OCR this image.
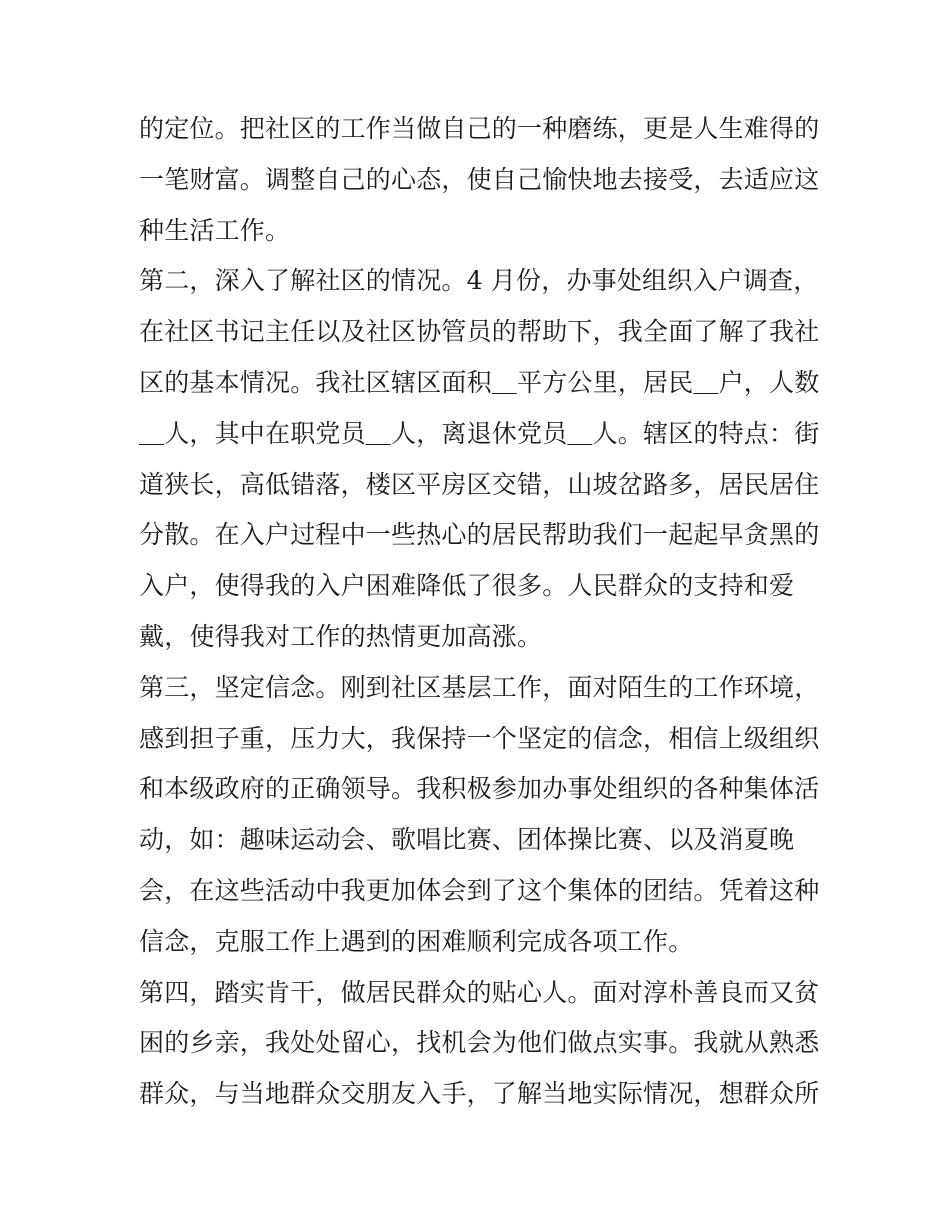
的定位。把社区的工作当做自己的一种磨练，更是人生难得的
一笔财富。调整自己的心态，使自己愉快地去接受，去适应这
种生活工作。
第二，深入了解社区的情况。4 月份，办事处组织入户调查，
在社区书记主任以及社区协管员的帮助下，我全面了解了我社
区的基本情况。我社区辖区面积＿平方公里，居民＿户，人数
＿人，其中在职党员＿人，离退休党员＿人。辖区的特点：街
道狭长，高低错落，楼区平房区交错，山坡岔路多，居民居住
分散。在入户过程中一些热心的居民帮助我们一起起早贪黑的
入户，使得我的入户困难降低了很多。人民群众的支持和爱
戴，使得我对工作的热情更加高涨。
第三，坚定信念。刚到社区基层工作，面对陌生的工作环境，
感到担子重，压力大，我保持一个坚定的信念，相信上级组织
和本级政府的正确领导。我积极参加办事处组织的各种集体活
动，如：趣味运动会、歌唱比赛、团体操比赛、以及消夏晚
会，在这些活动中我更加体会到了这个集体的团结。凭着这种
信念，克服工作上遇到的困难顺利完成各项工作。
第四，踏实肯干，做居民群众的贴心人。面对淳朴善良而又贫
困的乡亲，我处处留心，找机会为他们做点实事。我就从熟悉
群众，与当地群众交朋友入手，了解当地实际情况，想群众所
